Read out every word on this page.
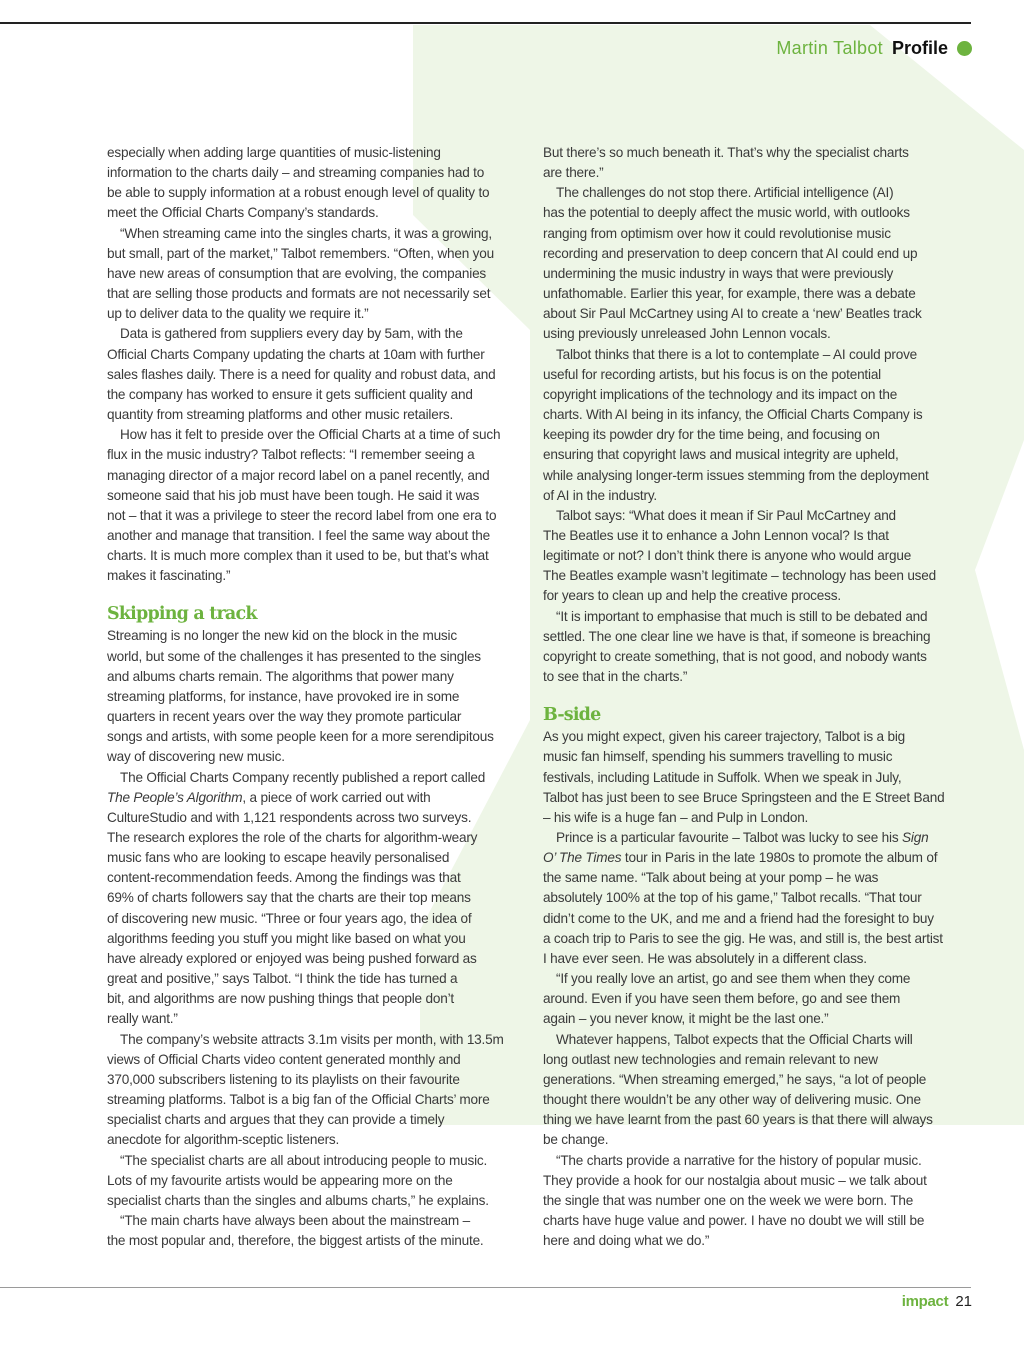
Martin Talbot Profile
especially when adding large quantities of music-listening
information to the charts daily – and streaming companies had to
be able to supply information at a robust enough level of quality to
meet the Official Charts Company’s standards.
“When streaming came into the singles charts, it was a growing,
but small, part of the market,” Talbot remembers. “Often, when you
have new areas of consumption that are evolving, the companies
that are selling those products and formats are not necessarily set
up to deliver data to the quality we require it.”
Data is gathered from suppliers every day by 5am, with the
Official Charts Company updating the charts at 10am with further
sales flashes daily. There is a need for quality and robust data, and
the company has worked to ensure it gets sufficient quality and
quantity from streaming platforms and other music retailers.
How has it felt to preside over the Official Charts at a time of such
flux in the music industry? Talbot reflects: “I remember seeing a
managing director of a major record label on a panel recently, and
someone said that his job must have been tough. He said it was
not – that it was a privilege to steer the record label from one era to
another and manage that transition. I feel the same way about the
charts. It is much more complex than it used to be, but that’s what
makes it fascinating.”
Skipping a track
Streaming is no longer the new kid on the block in the music
world, but some of the challenges it has presented to the singles
and albums charts remain. The algorithms that power many
streaming platforms, for instance, have provoked ire in some
quarters in recent years over the way they promote particular
songs and artists, with some people keen for a more serendipitous
way of discovering new music.
The Official Charts Company recently published a report called
The People’s Algorithm, a piece of work carried out with
CultureStudio and with 1,121 respondents across two surveys.
The research explores the role of the charts for algorithm-weary
music fans who are looking to escape heavily personalised
content-recommendation feeds. Among the findings was that
69% of charts followers say that the charts are their top means
of discovering new music. “Three or four years ago, the idea of
algorithms feeding you stuff you might like based on what you
have already explored or enjoyed was being pushed forward as
great and positive,” says Talbot. “I think the tide has turned a
bit, and algorithms are now pushing things that people don’t
really want.”
The company’s website attracts 3.1m visits per month, with 13.5m
views of Official Charts video content generated monthly and
370,000 subscribers listening to its playlists on their favourite
streaming platforms. Talbot is a big fan of the Official Charts’ more
specialist charts and argues that they can provide a timely
anecdote for algorithm-sceptic listeners.
“The specialist charts are all about introducing people to music.
Lots of my favourite artists would be appearing more on the
specialist charts than the singles and albums charts,” he explains.
“The main charts have always been about the mainstream –
the most popular and, therefore, the biggest artists of the minute.
But there’s so much beneath it. That’s why the specialist charts
are there.”
The challenges do not stop there. Artificial intelligence (AI)
has the potential to deeply affect the music world, with outlooks
ranging from optimism over how it could revolutionise music
recording and preservation to deep concern that AI could end up
undermining the music industry in ways that were previously
unfathomable. Earlier this year, for example, there was a debate
about Sir Paul McCartney using AI to create a ‘new’ Beatles track
using previously unreleased John Lennon vocals.
Talbot thinks that there is a lot to contemplate – AI could prove
useful for recording artists, but his focus is on the potential
copyright implications of the technology and its impact on the
charts. With AI being in its infancy, the Official Charts Company is
keeping its powder dry for the time being, and focusing on
ensuring that copyright laws and musical integrity are upheld,
while analysing longer-term issues stemming from the deployment
of AI in the industry.
Talbot says: “What does it mean if Sir Paul McCartney and
The Beatles use it to enhance a John Lennon vocal? Is that
legitimate or not? I don’t think there is anyone who would argue
The Beatles example wasn’t legitimate – technology has been used
for years to clean up and help the creative process.
“It is important to emphasise that much is still to be debated and
settled. The one clear line we have is that, if someone is breaching
copyright to create something, that is not good, and nobody wants
to see that in the charts.”
B-side
As you might expect, given his career trajectory, Talbot is a big
music fan himself, spending his summers travelling to music
festivals, including Latitude in Suffolk. When we speak in July,
Talbot has just been to see Bruce Springsteen and the E Street Band
– his wife is a huge fan – and Pulp in London.
Prince is a particular favourite – Talbot was lucky to see his Sign
O’ The Times tour in Paris in the late 1980s to promote the album of
the same name. “Talk about being at your pomp – he was
absolutely 100% at the top of his game,” Talbot recalls. “That tour
didn’t come to the UK, and me and a friend had the foresight to buy
a coach trip to Paris to see the gig. He was, and still is, the best artist
I have ever seen. He was absolutely in a different class.
“If you really love an artist, go and see them when they come
around. Even if you have seen them before, go and see them
again – you never know, it might be the last one.”
Whatever happens, Talbot expects that the Official Charts will
long outlast new technologies and remain relevant to new
generations. “When streaming emerged,” he says, “a lot of people
thought there wouldn’t be any other way of delivering music. One
thing we have learnt from the past 60 years is that there will always
be change.
“The charts provide a narrative for the history of popular music.
They provide a hook for our nostalgia about music – we talk about
the single that was number one on the week we were born. The
charts have huge value and power. I have no doubt we will still be
here and doing what we do.”
impact 21
